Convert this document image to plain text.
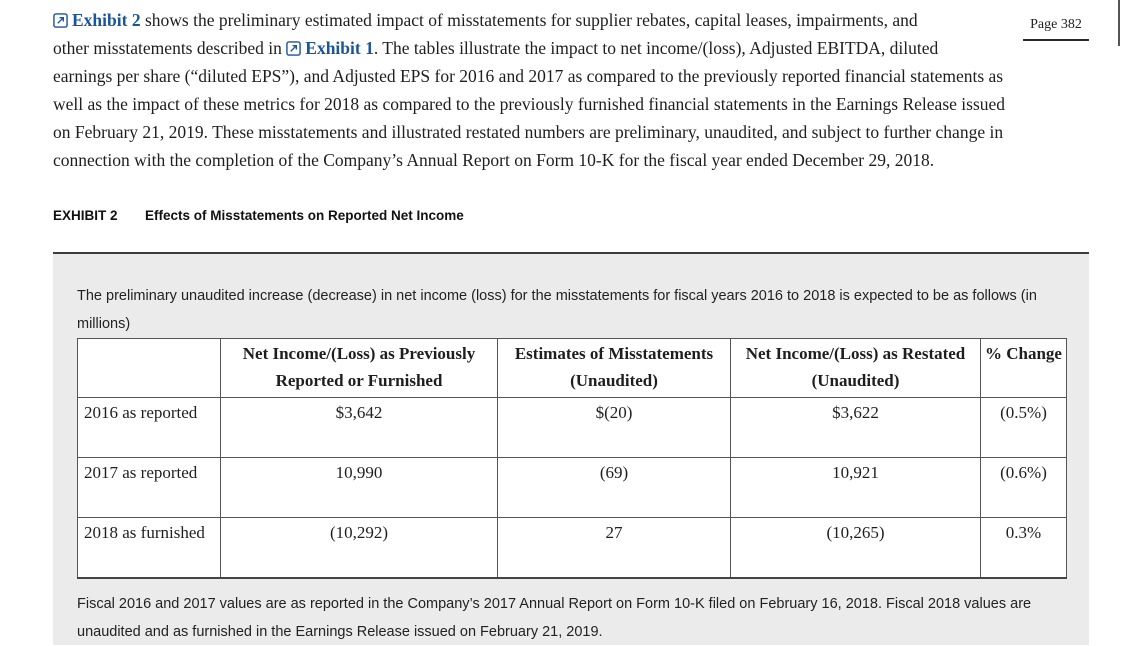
Page 382

Exhibit 2 shows the preliminary estimated impact of misstatements for supplier rebates, capital leases, impairments, and
other misstatements described in Exhibit 1. The tables illustrate the impact to net income/(loss), Adjusted EBITDA, diluted
earnings per share (“diluted EPS”), and Adjusted EPS for 2016 and 2017 as compared to the previously reported financial statements as
well as the impact of these metrics for 2018 as compared to the previously furnished financial statements in the Earnings Release issued
on February 21, 2019. These misstatements and illustrated restated numbers are preliminary, unaudited, and subject to further change in
connection with the completion of the Company’s Annual Report on Form 10-K for the fiscal year ended December 29, 2018.

EXHIBIT 2 Effects of Misstatements on Reported Net Income

The preliminary unaudited increase (decrease) in net income (loss) for the misstatements for fiscal years 2016 to 2018 is expected to be as follows (in millions)

	Net Income/(Loss) as Previously Reported or Furnished	Estimates of Misstatements (Unaudited)	Net Income/(Loss) as Restated (Unaudited)	% Change
2016 as reported	$3,642	$(20)	$3,622	(0.5%)
2017 as reported	10,990	(69)	10,921	(0.6%)
2018 as furnished	(10,292)	27	(10,265)	0.3%

Fiscal 2016 and 2017 values are as reported in the Company’s 2017 Annual Report on Form 10-K filed on February 16, 2018. Fiscal 2018 values are unaudited and as furnished in the Earnings Release issued on February 21, 2019.
